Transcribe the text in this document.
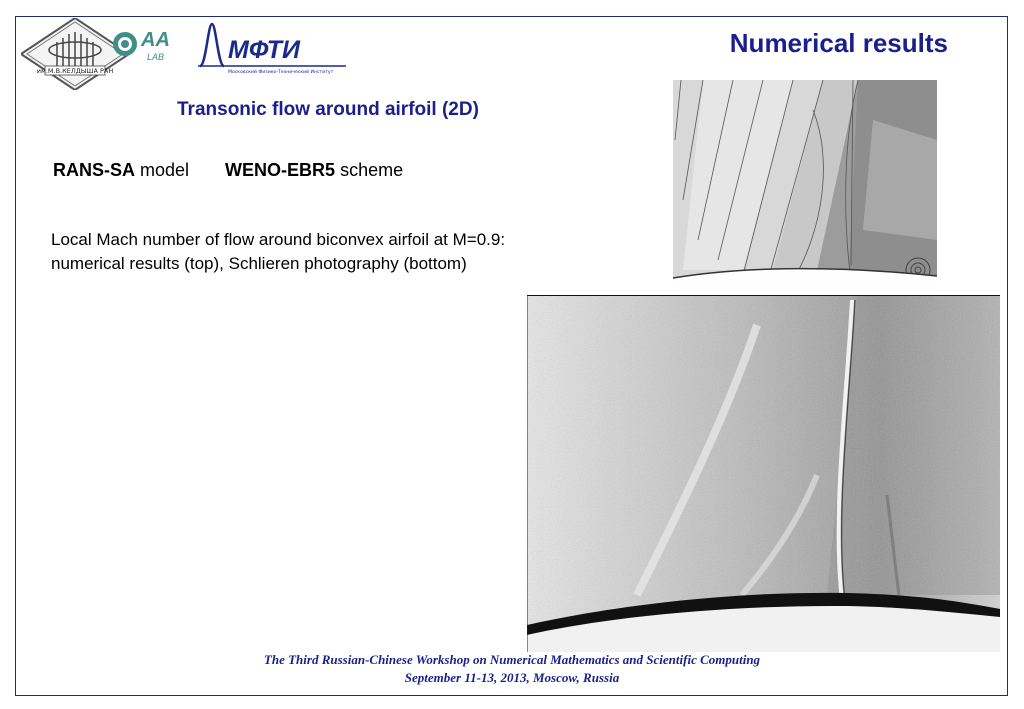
им.М.В.КЕЛДЫША РАН
AA
LAB	МФТИ
Московский Физико-Технический Институт
Numerical results
Transonic flow around airfoil (2D)
RANS-SA model WENO-EBR5 scheme
Local Mach number of flow around biconvex airfoil at M=0.9:
numerical results (top), Schlieren photography (bottom)
The Third Russian-Chinese Workshop on Numerical Mathematics and Scientific Computing
September 11-13, 2013, Moscow, Russia
